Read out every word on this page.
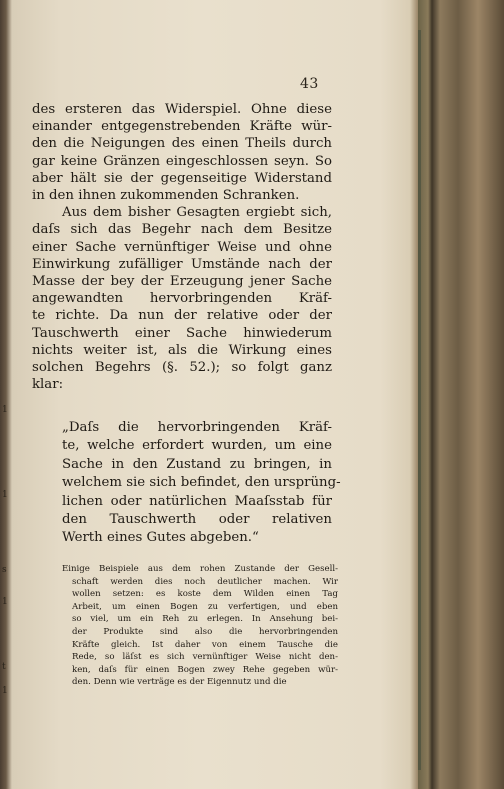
1
1
s
1
t
1
43
des ersteren das Widerspiel. Ohne diese
einander entgegenstrebenden Kräfte wür-
den die Neigungen des einen Theils durch
gar keine Gränzen eingeschlossen seyn. So
aber hält sie der gegenseitige Widerstand
in den ihnen zukommenden Schranken.
Aus dem bisher Gesagten ergiebt sich,
daſs sich das Begehr nach dem Besitze
einer Sache vernünftiger Weise und ohne
Einwirkung zufälliger Umstände nach der
Masse der bey der Erzeugung jener Sache
angewandten hervorbringenden Kräf-
te richte. Da nun der relative oder der
Tauschwerth einer Sache hinwiederum
nichts weiter ist, als die Wirkung eines
solchen Begehrs (§. 52.); so folgt ganz
klar:
„Daſs die hervorbringenden Kräf-
te, welche erfordert wurden, um eine
Sache in den Zustand zu bringen, in
welchem sie sich befindet, den ursprüng-
lichen oder natürlichen Maaſsstab für
den Tauschwerth oder relativen
Werth eines Gutes abgeben.“
Einige Beispiele aus dem rohen Zustande der Gesell-
schaft werden dies noch deutlicher machen. Wir
wollen setzen: es koste dem Wilden einen Tag
Arbeit, um einen Bogen zu verfertigen, und eben
so viel, um ein Reh zu erlegen. In Ansehung bei-
der Produkte sind also die hervorbringenden
Kräfte gleich. Ist daher von einem Tausche die
Rede, so läſst es sich vernünftiger Weise nicht den-
ken, daſs für einen Bogen zwey Rehe gegeben wür-
den. Denn wie verträge es der Eigennutz und die
